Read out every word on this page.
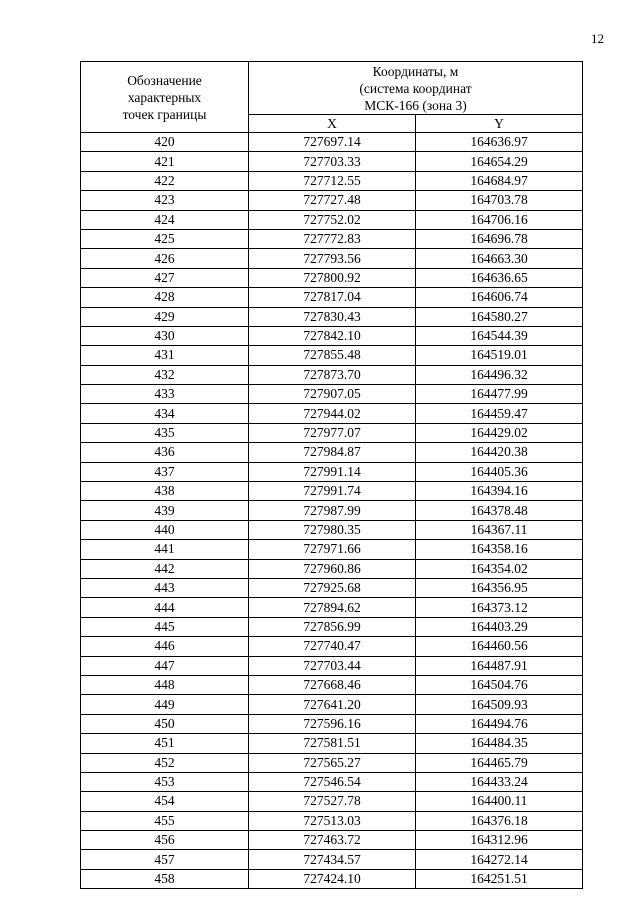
12
Обозначение
характерных
точек границы	Координаты, м
(система координат
МСК-166 (зона 3)	

	X	Y
420	727697.14	164636.97
421	727703.33	164654.29
422	727712.55	164684.97
423	727727.48	164703.78
424	727752.02	164706.16
425	727772.83	164696.78
426	727793.56	164663.30
427	727800.92	164636.65
428	727817.04	164606.74
429	727830.43	164580.27
430	727842.10	164544.39
431	727855.48	164519.01
432	727873.70	164496.32
433	727907.05	164477.99
434	727944.02	164459.47
435	727977.07	164429.02
436	727984.87	164420.38
437	727991.14	164405.36
438	727991.74	164394.16
439	727987.99	164378.48
440	727980.35	164367.11
441	727971.66	164358.16
442	727960.86	164354.02
443	727925.68	164356.95
444	727894.62	164373.12
445	727856.99	164403.29
446	727740.47	164460.56
447	727703.44	164487.91
448	727668.46	164504.76
449	727641.20	164509.93
450	727596.16	164494.76
451	727581.51	164484.35
452	727565.27	164465.79
453	727546.54	164433.24
454	727527.78	164400.11
455	727513.03	164376.18
456	727463.72	164312.96
457	727434.57	164272.14
458	727424.10	164251.51
